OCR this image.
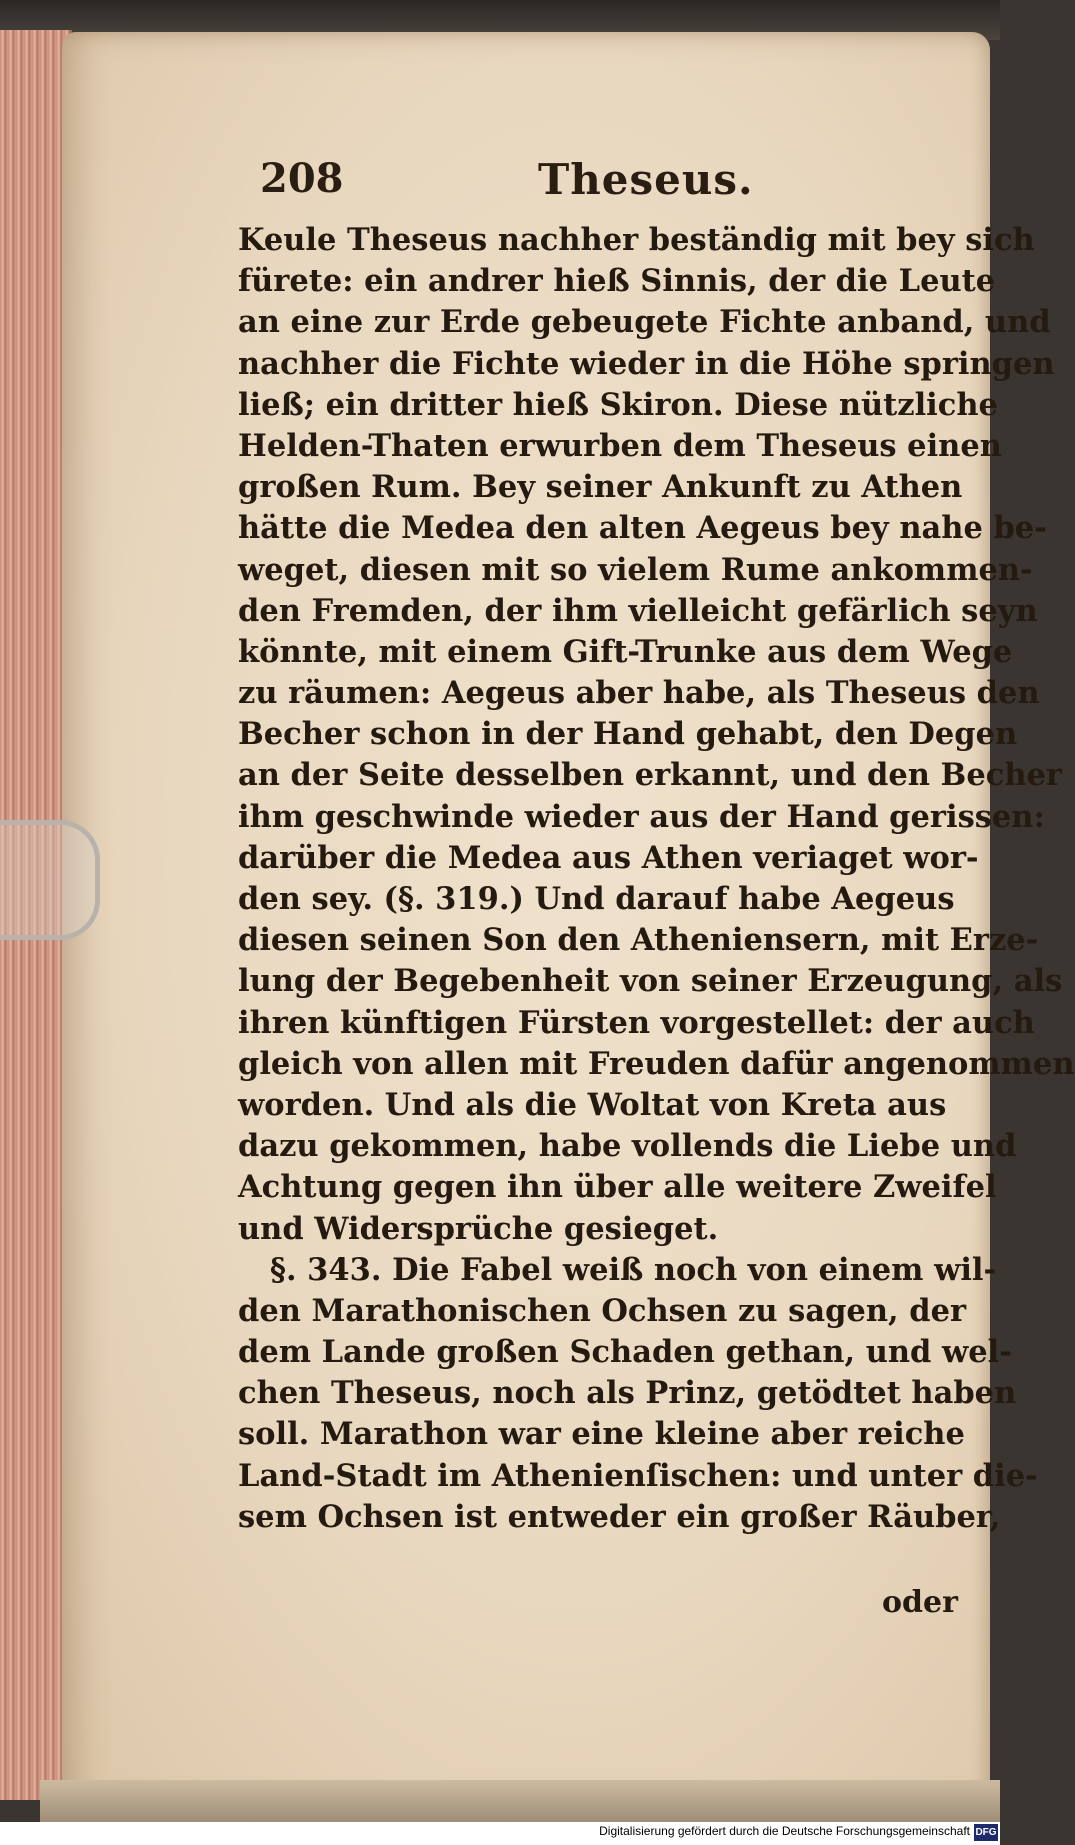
208	Theseus.
Keule Theseus nachher beständig mit bey sich
fürete: ein andrer hieß Sinnis, der die Leute
an eine zur Erde gebeugete Fichte anband, und
nachher die Fichte wieder in die Höhe springen
ließ; ein dritter hieß Skiron. Diese nützliche
Helden-Thaten erwurben dem Theseus einen
großen Rum. Bey seiner Ankunft zu Athen
hätte die Medea den alten Aegeus bey nahe be-
weget, diesen mit so vielem Rume ankommen-
den Fremden, der ihm vielleicht gefärlich seyn
könnte, mit einem Gift-Trunke aus dem Wege
zu räumen: Aegeus aber habe, als Theseus den
Becher schon in der Hand gehabt, den Degen
an der Seite desselben erkannt, und den Becher
ihm geschwinde wieder aus der Hand gerissen:
darüber die Medea aus Athen veriaget wor-
den sey. (§. 319.) Und darauf habe Aegeus
diesen seinen Son den Atheniensern, mit Erze-
lung der Begebenheit von seiner Erzeugung, als
ihren künftigen Fürsten vorgestellet: der auch
gleich von allen mit Freuden dafür angenommen
worden. Und als die Woltat von Kreta aus
dazu gekommen, habe vollends die Liebe und
Achtung gegen ihn über alle weitere Zweifel
und Widersprüche gesieget.
§. 343. Die Fabel weiß noch von einem wil-
den Marathonischen Ochsen zu sagen, der
dem Lande großen Schaden gethan, und wel-
chen Theseus, noch als Prinz, getödtet haben
soll. Marathon war eine kleine aber reiche
Land-Stadt im Athenienſischen: und unter die-
sem Ochsen ist entweder ein großer Räuber,
oder
Digitalisierung gefördert durch die Deutsche Forschungsgemeinschaft DFG
